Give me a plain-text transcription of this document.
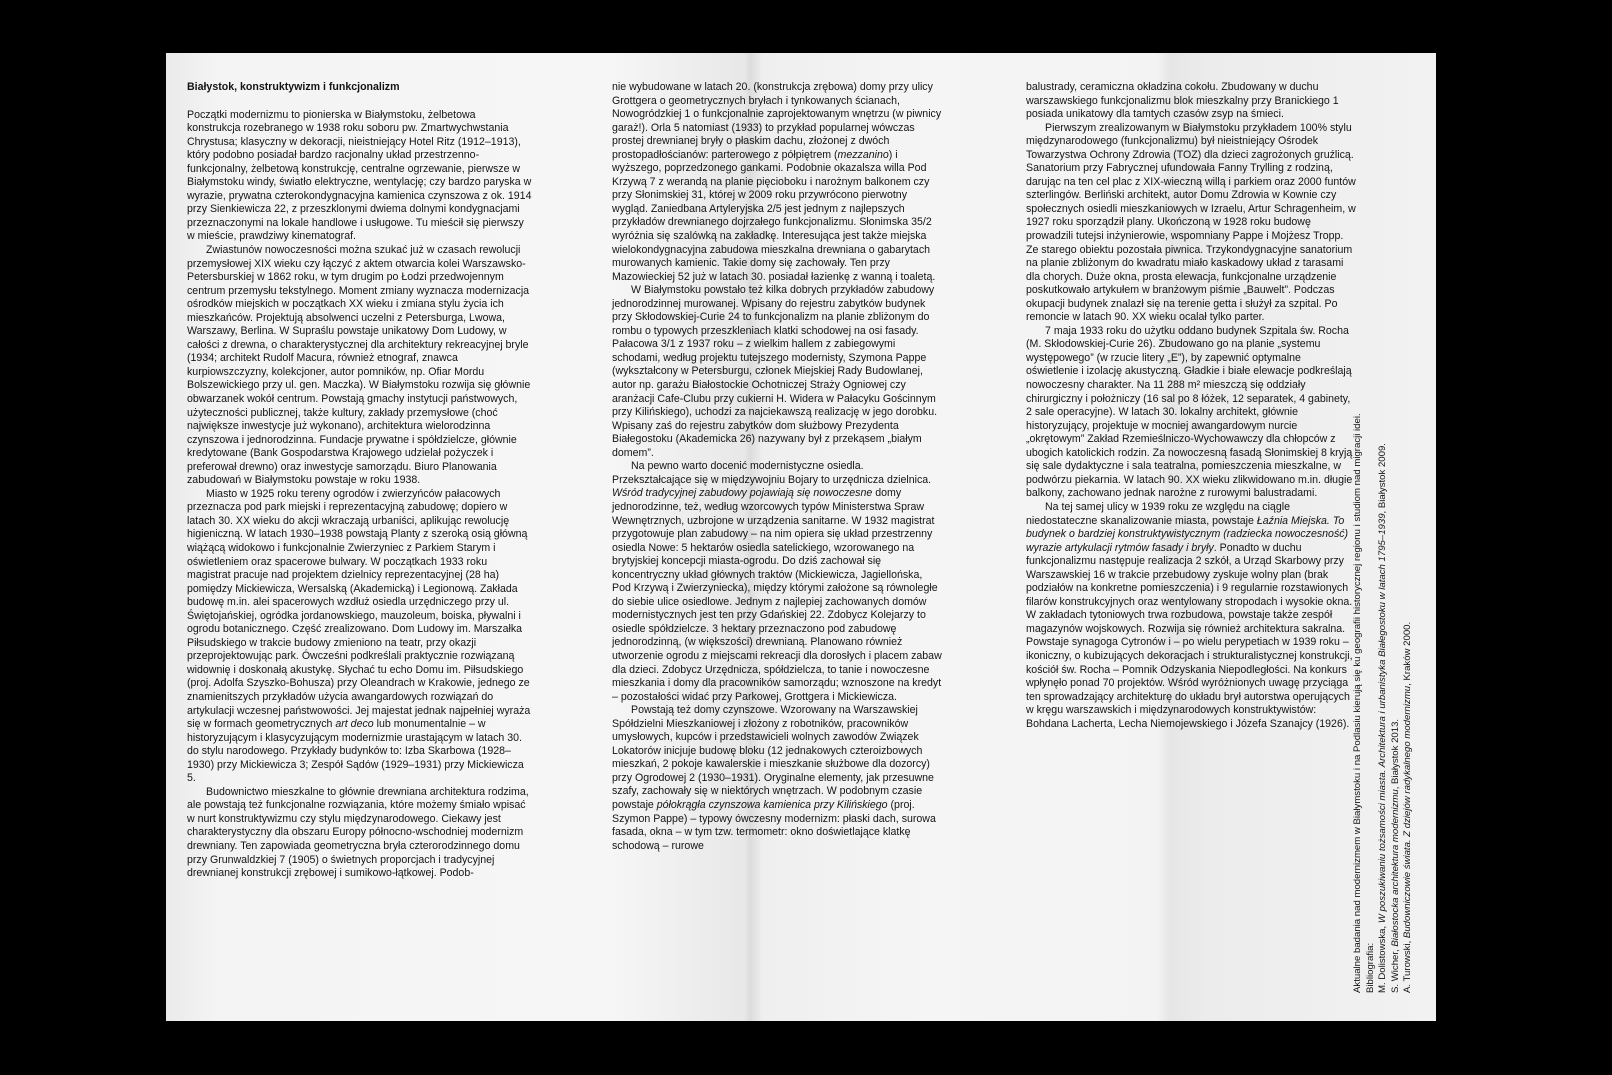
Białystok, konstruktywizm i funkcjonalizm

Początki modernizmu to pionierska w Białymstoku, żelbetowa konstrukcja rozebranego w 1938 roku soboru pw. Zmartwychwstania Chrystusa; klasyczny w dekoracji, nieistniejący Hotel Ritz (1912–1913), który podobno posiadał bardzo racjonalny układ przestrzenno-funkcjonalny, żelbetową konstrukcję, centralne ogrzewanie, pierwsze w Białymstoku windy, światło elektryczne, wentylację; czy bardzo paryska w wyrazie, prywatna czterokondygnacyjna kamienica czynszowa z ok. 1914 przy Sienkiewicza 22, z przeszklonymi dwiema dolnymi kondygnacjami przeznaczonymi na lokale handlowe i usługowe. Tu mieścił się pierwszy w mieście, prawdziwy kinematograf.

Zwiastunów nowoczesności można szukać już w czasach rewolucji przemysłowej XIX wieku czy łączyć z aktem otwarcia kolei Warszawsko-Petersburskiej w 1862 roku, w tym drugim po Łodzi przedwojennym centrum przemysłu tekstylnego. Moment zmiany wyznacza modernizacja ośrodków miejskich w początkach XX wieku i zmiana stylu życia ich mieszkańców. Projektują absolwenci uczelni z Petersburga, Lwowa, Warszawy, Berlina. W Supraślu powstaje unikatowy Dom Ludowy, w całości z drewna, o charakterystycznej dla architektury rekreacyjnej bryle (1934; architekt Rudolf Macura, również etnograf, znawca kurpiowszczyzny, kolekcjoner, autor pomników, np. Ofiar Mordu Bolszewickiego przy ul. gen. Maczka). W Białymstoku rozwija się głównie obwarzanek wokół centrum. Powstają gmachy instytucji państwowych, użyteczności publicznej, także kultury, zakłady przemysłowe (choć największe inwestycje już wykonano), architektura wielorodzinna czynszowa i jednorodzinna. Fundacje prywatne i spółdzielcze, głównie kredytowane (Bank Gospodarstwa Krajowego udzielał pożyczek i preferował drewno) oraz inwestycje samorządu. Biuro Planowania zabudowań w Białymstoku powstaje w roku 1938.

Miasto w 1925 roku tereny ogrodów i zwierzyńców pałacowych przeznacza pod park miejski i reprezentacyjną zabudowę; dopiero w latach 30. XX wieku do akcji wkraczają urbaniści, aplikując rewolucję higieniczną. W latach 1930–1938 powstają Planty z szeroką osią główną wiążącą widokowo i funkcjonalnie Zwierzyniec z Parkiem Starym i oświetleniem oraz spacerowe bulwary. W początkach 1933 roku magistrat pracuje nad projektem dzielnicy reprezentacyjnej (28 ha) pomiędzy Mickiewicza, Wersalską (Akademicką) i Legionową. Zakłada budowę m.in. alei spacerowych wzdłuż osiedla urzędniczego przy ul. Świętojańskiej, ogródka jordanowskiego, mauzoleum, boiska, pływalni i ogrodu botanicznego. Część zrealizowano. Dom Ludowy im. Marszałka Piłsudskiego w trakcie budowy zmieniono na teatr, przy okazji przeprojektowując park. Ówcześni podkreślali praktycznie rozwiązaną widownię i doskonałą akustykę. Słychać tu echo Domu im. Piłsudskiego (proj. Adolfa Szyszko-Bohusza) przy Oleandrach w Krakowie, jednego ze znamienitszych przykładów użycia awangardowych rozwiązań do artykulacji wczesnej państwowości. Jej majestat jednak najpełniej wyraża się w formach geometrycznych art deco lub monumentalnie – w historyzującym i klasycyzującym modernizmie urastającym w latach 30. do stylu narodowego. Przykłady budynków to: Izba Skarbowa (1928–1930) przy Mickiewicza 3; Zespół Sądów (1929–1931) przy Mickiewicza 5.

Budownictwo mieszkalne to głównie drewniana architektura rodzima, ale powstają też funkcjonalne rozwiązania, które możemy śmiało wpisać w nurt konstruktywizmu czy stylu międzynarodowego. Ciekawy jest charakterystyczny dla obszaru Europy północno-wschodniej modernizm drewniany. Ten zapowiada geometryczna bryła czterorodzinnego domu przy Grunwaldzkiej 7 (1905) o świetnych proporcjach i tradycyjnej drewnianej konstrukcji zrębowej i sumikowo-łątkowej. Podob-

nie wybudowane w latach 20. (konstrukcja zrębowa) domy przy ulicy Grottgera o geometrycznych bryłach i tynkowanych ścianach, Nowogródzkiej 1 o funkcjonalnie zaprojektowanym wnętrzu (w piwnicy garaż!). Orla 5 natomiast (1933) to przykład popularnej wówczas prostej drewnianej bryły o płaskim dachu, złożonej z dwóch prostopadłościanów: parterowego z półpiętrem (mezzanino) i wyższego, poprzedzonego gankami. Podobnie okazalsza willa Pod Krzywą 7 z werandą na planie pięcioboku i narożnym balkonem czy przy Słonimskiej 31, której w 2009 roku przywrócono pierwotny wygląd. Zaniedbana Artyleryjska 2/5 jest jednym z najlepszych przykładów drewnianego dojrzałego funkcjonalizmu. Słonimska 35/2 wyróżnia się szalówką na zakładkę. Interesująca jest także miejska wielokondygnacyjna zabudowa mieszkalna drewniana o gabarytach murowanych kamienic. Takie domy się zachowały. Ten przy Mazowieckiej 52 już w latach 30. posiadał łazienkę z wanną i toaletą.

W Białymstoku powstało też kilka dobrych przykładów zabudowy jednorodzinnej murowanej. Wpisany do rejestru zabytków budynek przy Skłodowskiej-Curie 24 to funkcjonalizm na planie zbliżonym do rombu o typowych przeszkleniach klatki schodowej na osi fasady. Pałacowa 3/1 z 1937 roku – z wielkim hallem z zabiegowymi schodami, według projektu tutejszego modernisty, Szymona Pappe (wykształcony w Petersburgu, członek Miejskiej Rady Budowlanej, autor np. garażu Białostockie Ochotniczej Straży Ogniowej czy aranżacji Cafe-Clubu przy cukierni H. Widera w Pałacyku Gościnnym przy Kilińskiego), uchodzi za najciekawszą realizację w jego dorobku. Wpisany zaś do rejestru zabytków dom służbowy Prezydenta Białegostoku (Akademicka 26) nazywany był z przekąsem „białym domem”.

Na pewno warto docenić modernistyczne osiedla. Przekształcające się w międzywojniu Bojary to urzędnicza dzielnica. Wśród tradycyjnej zabudowy pojawiają się nowoczesne domy jednorodzinne, też, według wzorcowych typów Ministerstwa Spraw Wewnętrznych, uzbrojone w urządzenia sanitarne. W 1932 magistrat przygotowuje plan zabudowy – na nim opiera się układ przestrzenny osiedla Nowe: 5 hektarów osiedla satelickiego, wzorowanego na brytyjskiej koncepcji miasta-ogrodu. Do dziś zachował się koncentryczny układ głównych traktów (Mickiewicza, Jagiellońska, Pod Krzywą i Zwierzyniecka), między którymi założone są równoległe do siebie ulice osiedlowe. Jednym z najlepiej zachowanych domów modernistycznych jest ten przy Gdańskiej 22. Zdobycz Kolejarzy to osiedle spółdzielcze. 3 hektary przeznaczono pod zabudowę jednorodzinną, (w większości) drewnianą. Planowano również utworzenie ogrodu z miejscami rekreacji dla dorosłych i placem zabaw dla dzieci. Zdobycz Urzędnicza, spółdzielcza, to tanie i nowoczesne mieszkania i domy dla pracowników samorządu; wznoszone na kredyt – pozostałości widać przy Parkowej, Grottgera i Mickiewicza.

Powstają też domy czynszowe. Wzorowany na Warszawskiej Spółdzielni Mieszkaniowej i złożony z robotników, pracowników umysłowych, kupców i przedstawicieli wolnych zawodów Związek Lokatorów inicjuje budowę bloku (12 jednakowych czteroizbowych mieszkań, 2 pokoje kawalerskie i mieszkanie służbowe dla dozorcy) przy Ogrodowej 2 (1930–1931). Oryginalne elementy, jak przesuwne szafy, zachowały się w niektórych wnętrzach. W podobnym czasie powstaje półokrągła czynszowa kamienica przy Kilińskiego (proj. Szymon Pappe) – typowy ówczesny modernizm: płaski dach, surowa fasada, okna – w tym tzw. termometr: okno doświetlające klatkę schodową – rurowe

balustrady, ceramiczna okładzina cokołu. Zbudowany w duchu warszawskiego funkcjonalizmu blok mieszkalny przy Branickiego 1 posiada unikatowy dla tamtych czasów zsyp na śmieci.

Pierwszym zrealizowanym w Białymstoku przykładem 100% stylu międzynarodowego (funkcjonalizmu) był nieistniejący Ośrodek Towarzystwa Ochrony Zdrowia (TOZ) dla dzieci zagrożonych gruźlicą. Sanatorium przy Fabrycznej ufundowała Fanny Trylling z rodziną, darując na ten cel plac z XIX-wieczną willą i parkiem oraz 2000 funtów szterlingów. Berliński architekt, autor Domu Zdrowia w Kownie czy społecznych osiedli mieszkaniowych w Izraelu, Artur Schragenheim, w 1927 roku sporządził plany. Ukończoną w 1928 roku budowę prowadzili tutejsi inżynierowie, wspomniany Pappe i Mojżesz Tropp. Ze starego obiektu pozostała piwnica. Trzykondygnacyjne sanatorium na planie zbliżonym do kwadratu miało kaskadowy układ z tarasami dla chorych. Duże okna, prosta elewacja, funkcjonalne urządzenie poskutkowało artykułem w branżowym piśmie „Bauwelt”. Podczas okupacji budynek znalazł się na terenie getta i służył za szpital. Po remoncie w latach 90. XX wieku ocalał tylko parter.

7 maja 1933 roku do użytku oddano budynek Szpitala św. Rocha (M. Skłodowskiej-Curie 26). Zbudowano go na planie „systemu występowego” (w rzucie litery „E”), by zapewnić optymalne oświetlenie i izolację akustyczną. Gładkie i białe elewacje podkreślają nowoczesny charakter. Na 11 288 m² mieszczą się oddziały chirurgiczny i położniczy (16 sal po 8 łóżek, 12 separatek, 4 gabinety, 2 sale operacyjne). W latach 30. lokalny architekt, głównie historyzujący, projektuje w mocniej awangardowym nurcie „okrętowym” Zakład Rzemieślniczo-Wychowawczy dla chłopców z ubogich katolickich rodzin. Za nowoczesną fasadą Słonimskiej 8 kryją się sale dydaktyczne i sala teatralna, pomieszczenia mieszkalne, w podwórzu piekarnia. W latach 90. XX wieku zlikwidowano m.in. długie balkony, zachowano jednak narożne z rurowymi balustradami.

Na tej samej ulicy w 1939 roku ze względu na ciągle niedostateczne skanalizowanie miasta, powstaje Łaźnia Miejska. To budynek o bardziej konstruktywistycznym (radziecka nowoczesność) wyrazie artykulacji rytmów fasady i bryły. Ponadto w duchu funkcjonalizmu następuje realizacja 2 szkół, a Urząd Skarbowy przy Warszawskiej 16 w trakcie przebudowy zyskuje wolny plan (brak podziałów na konkretne pomieszczenia) i 9 regularnie rozstawionych filarów konstrukcyjnych oraz wentylowany stropodach i wysokie okna. W zakładach tytoniowych trwa rozbudowa, powstaje także zespół magazynów wojskowych. Rozwija się również architektura sakralna. Powstaje synagoga Cytronów i – po wielu perypetiach w 1939 roku – ikoniczny, o kubizujących dekoracjach i strukturalistycznej konstrukcji, kościół św. Rocha – Pomnik Odzyskania Niepodległości. Na konkurs wpłynęło ponad 70 projektów. Wśród wyróżnionych uwagę przyciąga ten sprowadzający architekturę do układu brył autorstwa operujących w kręgu warszawskich i międzynarodowych konstruktywistów: Bohdana Lacherta, Lecha Niemojewskiego i Józefa Szanajcy (1926). Aktualne badania nad modernizmem w Białymstoku i na Podlasiu kierują się ku geografii historycznej regionu i studiom nad migracji idei. Bibliografia: M. Dolistowska, W poszukiwaniu tożsamości miasta. Architektura i urbanistyka Białegostoku w latach 1795–1939, Białystok 2009.
S. Wicher, Białostocka architektura modernizmu, Białystok 2013.
A. Turowski, Budowniczowie świata. Z dziejów radykalnego modernizmu, Kraków 2000.
